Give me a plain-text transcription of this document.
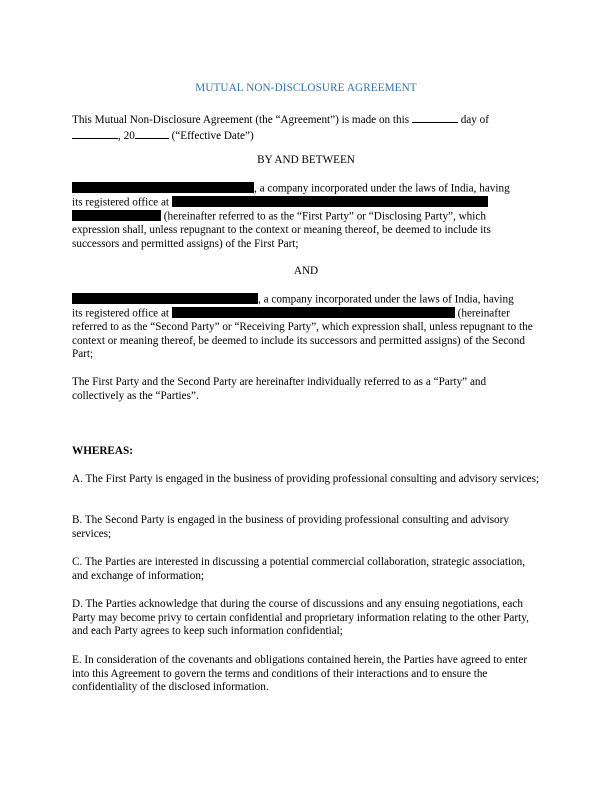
MUTUAL NON-DISCLOSURE AGREEMENT
This Mutual Non-Disclosure Agreement (the “Agreement”) is made on this	day of
, 20	(“Effective Date”)
BY AND BETWEEN
, a company incorporated under the laws of India, having
its registered office at
(hereinafter referred to as the “First Party” or “Disclosing Party”, which
expression shall, unless repugnant to the context or meaning thereof, be deemed to include its successors and permitted assigns) of the First Part;
AND
, a company incorporated under the laws of India, having
its registered office at	(hereinafter
referred to as the “Second Party” or “Receiving Party”, which expression shall, unless repugnant to the context or meaning thereof, be deemed to include its successors and permitted assigns) of the Second Part;
The First Party and the Second Party are hereinafter individually referred to as a “Party” and collectively as the “Parties”.
WHEREAS:
A. The First Party is engaged in the business of providing professional consulting and advisory services;
B. The Second Party is engaged in the business of providing professional consulting and advisory services;
C. The Parties are interested in discussing a potential commercial collaboration, strategic association, and exchange of information;
D. The Parties acknowledge that during the course of discussions and any ensuing negotiations, each Party may become privy to certain confidential and proprietary information relating to the other Party, and each Party agrees to keep such information confidential;
E. In consideration of the covenants and obligations contained herein, the Parties have agreed to enter into this Agreement to govern the terms and conditions of their interactions and to ensure the confidentiality of the disclosed information.
